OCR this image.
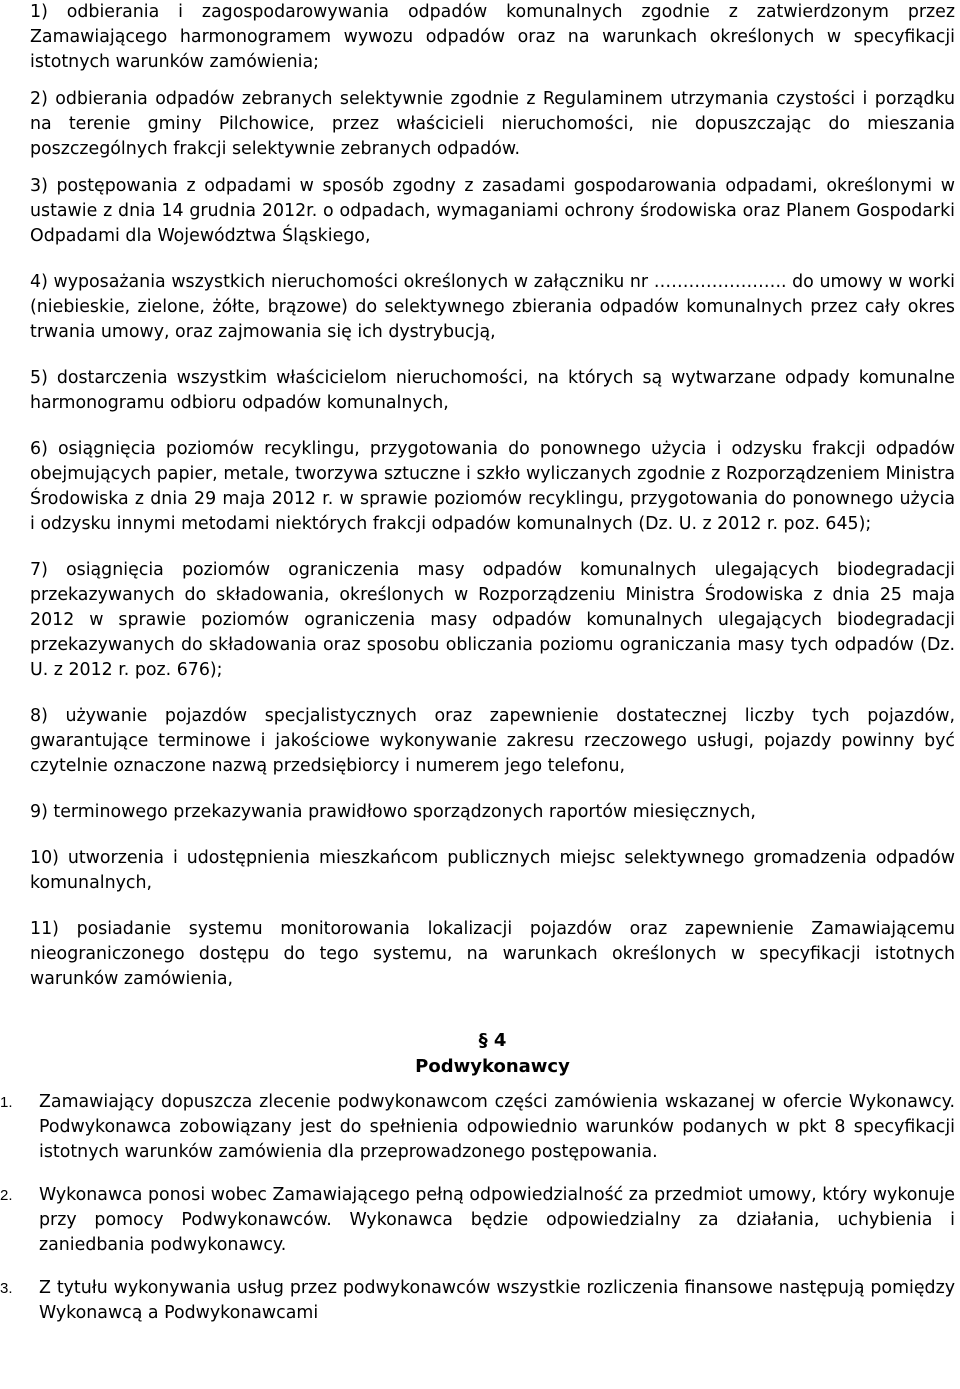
1) odbierania i zagospodarowywania odpadów komunalnych zgodnie z zatwierdzonym przez Zamawiającego harmonogramem wywozu odpadów oraz na warunkach określonych w specyfikacji istotnych warunków zamówienia;

2) odbierania odpadów zebranych selektywnie zgodnie z Regulaminem utrzymania czystości i porządku na terenie gminy Pilchowice, przez właścicieli nieruchomości, nie dopuszczając do mieszania poszczególnych frakcji selektywnie zebranych odpadów.

3) postępowania z odpadami w sposób zgodny z zasadami gospodarowania odpadami, określonymi w ustawie z dnia 14 grudnia 2012r. o odpadach, wymaganiami ochrony środowiska oraz Planem Gospodarki Odpadami dla Województwa Śląskiego,

4) wyposażania wszystkich nieruchomości określonych w załączniku nr ………………….. do umowy w worki (niebieskie, zielone, żółte, brązowe) do selektywnego zbierania odpadów komunalnych przez cały okres trwania umowy, oraz zajmowania się ich dystrybucją,

5) dostarczenia wszystkim właścicielom nieruchomości, na których są wytwarzane odpady komunalne harmonogramu odbioru odpadów komunalnych,

6) osiągnięcia poziomów recyklingu, przygotowania do ponownego użycia i odzysku frakcji odpadów obejmujących papier, metale, tworzywa sztuczne i szkło wyliczanych zgodnie z Rozporządzeniem Ministra Środowiska z dnia 29 maja 2012 r. w sprawie poziomów recyklingu, przygotowania do ponownego użycia i odzysku innymi metodami niektórych frakcji odpadów komunalnych (Dz. U. z 2012 r. poz. 645);

7) osiągnięcia poziomów ograniczenia masy odpadów komunalnych ulegających biodegradacji przekazywanych do składowania, określonych w Rozporządzeniu Ministra Środowiska z dnia 25 maja 2012 w sprawie poziomów ograniczenia masy odpadów komunalnych ulegających biodegradacji przekazywanych do składowania oraz sposobu obliczania poziomu ograniczania masy tych odpadów (Dz. U. z 2012 r. poz. 676);

8) używanie pojazdów specjalistycznych oraz zapewnienie dostatecznej liczby tych pojazdów, gwarantujące terminowe i jakościowe wykonywanie zakresu rzeczowego usługi, pojazdy powinny być czytelnie oznaczone nazwą przedsiębiorcy i numerem jego telefonu,

9) terminowego przekazywania prawidłowo sporządzonych raportów miesięcznych,

10) utworzenia i udostępnienia mieszkańcom publicznych miejsc selektywnego gromadzenia odpadów komunalnych,

11) posiadanie systemu monitorowania lokalizacji pojazdów oraz zapewnienie Zamawiającemu nieograniczonego dostępu do tego systemu, na warunkach określonych w specyfikacji istotnych warunków zamówienia,

§ 4
Podwykonawcy
1.	Zamawiający dopuszcza zlecenie podwykonawcom części zamówienia wskazanej w ofercie Wykonawcy. Podwykonawca zobowiązany jest do spełnienia odpowiednio warunków podanych w pkt 8 specyfikacji istotnych warunków zamówienia dla przeprowadzonego postępowania.
2.	Wykonawca ponosi wobec Zamawiającego pełną odpowiedzialność za przedmiot umowy, który wykonuje przy pomocy Podwykonawców. Wykonawca będzie odpowiedzialny za działania, uchybienia i zaniedbania podwykonawcy.
3.	Z tytułu wykonywania usług przez podwykonawców wszystkie rozliczenia finansowe następują pomiędzy Wykonawcą a Podwykonawcami
